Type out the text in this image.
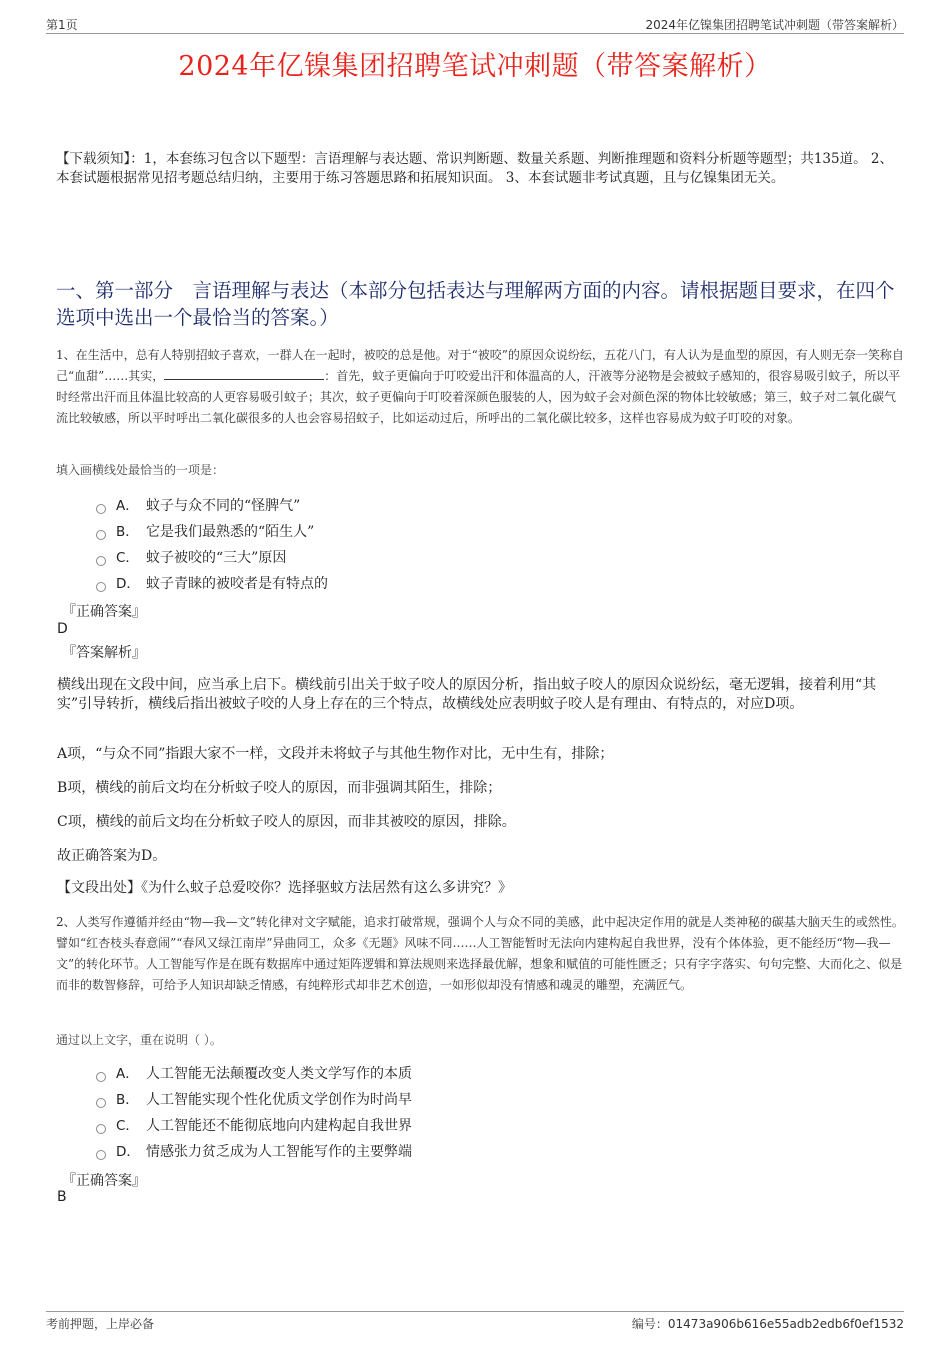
第1页	2024年亿镍集团招聘笔试冲刺题（带答案解析）
2024年亿镍集团招聘笔试冲刺题（带答案解析）
【下载须知】：1，本套练习包含以下题型：言语理解与表达题、常识判断题、数量关系题、判断推理题和资料分析题等题型；共135道。 2、本套试题根据常见招考题总结归纳，主要用于练习答题思路和拓展知识面。 3、本套试题非考试真题，且与亿镍集团无关。
一、第一部分　言语理解与表达（本部分包括表达与理解两方面的内容。请根据题目要求，在四个选项中选出一个最恰当的答案。）
1、在生活中，总有人特别招蚊子喜欢，一群人在一起时，被咬的总是他。对于“被咬”的原因众说纷纭，五花八门，有人认为是血型的原因，有人则无奈一笑称自己“血甜”……其实，	：首先，蚊子更偏向于叮咬爱出汗和体温高的人，汗液等分泌物是会被蚊子感知的，很容易吸引蚊子，所以平时经常出汗而且体温比较高的人更容易吸引蚊子；其次，蚊子更偏向于叮咬着深颜色服装的人，因为蚊子会对颜色深的物体比较敏感；第三，蚊子对二氧化碳气流比较敏感，所以平时呼出二氧化碳很多的人也会容易招蚊子，比如运动过后，所呼出的二氧化碳比较多，这样也容易成为蚊子叮咬的对象。
填入画横线处最恰当的一项是：
A． 蚊子与众不同的“怪脾气”
B． 它是我们最熟悉的“陌生人”
C． 蚊子被咬的“三大”原因
D． 蚊子青睐的被咬者是有特点的
『正确答案』
D
『答案解析』
横线出现在文段中间，应当承上启下。横线前引出关于蚊子咬人的原因分析，指出蚊子咬人的原因众说纷纭，毫无逻辑，接着利用“其实”引导转折，横线后指出被蚊子咬的人身上存在的三个特点，故横线处应表明蚊子咬人是有理由、有特点的，对应D项。
A项，“与众不同”指跟大家不一样，文段并未将蚊子与其他生物作对比，无中生有，排除；
B项，横线的前后文均在分析蚊子咬人的原因，而非强调其陌生，排除；
C项，横线的前后文均在分析蚊子咬人的原因，而非其被咬的原因，排除。
故正确答案为D。
【文段出处】《为什么蚊子总爱咬你？选择驱蚊方法居然有这么多讲究？》
2、人类写作遵循并经由“物—我—文”转化律对文字赋能，追求打破常规，强调个人与众不同的美感，此中起决定作用的就是人类神秘的碳基大脑天生的或然性。譬如“红杏枝头春意闹”“春风又绿江南岸”异曲同工，众多《无题》风味不同……人工智能暂时无法向内建构起自我世界，没有个体体验，更不能经历“物—我—文”的转化环节。人工智能写作是在既有数据库中通过矩阵逻辑和算法规则来选择最优解，想象和赋值的可能性匮乏；只有字字落实、句句完整、大而化之、似是而非的数智修辞，可给予人知识却缺乏情感，有纯粹形式却非艺术创造，一如形似却没有情感和魂灵的雕塑，充满匠气。
通过以上文字，重在说明（ ）。
A． 人工智能无法颠覆改变人类文学写作的本质
B． 人工智能实现个性化优质文学创作为时尚早
C． 人工智能还不能彻底地向内建构起自我世界
D． 情感张力贫乏成为人工智能写作的主要弊端
『正确答案』
B
考前押题，上岸必备	编号：01473a906b616e55adb2edb6f0ef1532
